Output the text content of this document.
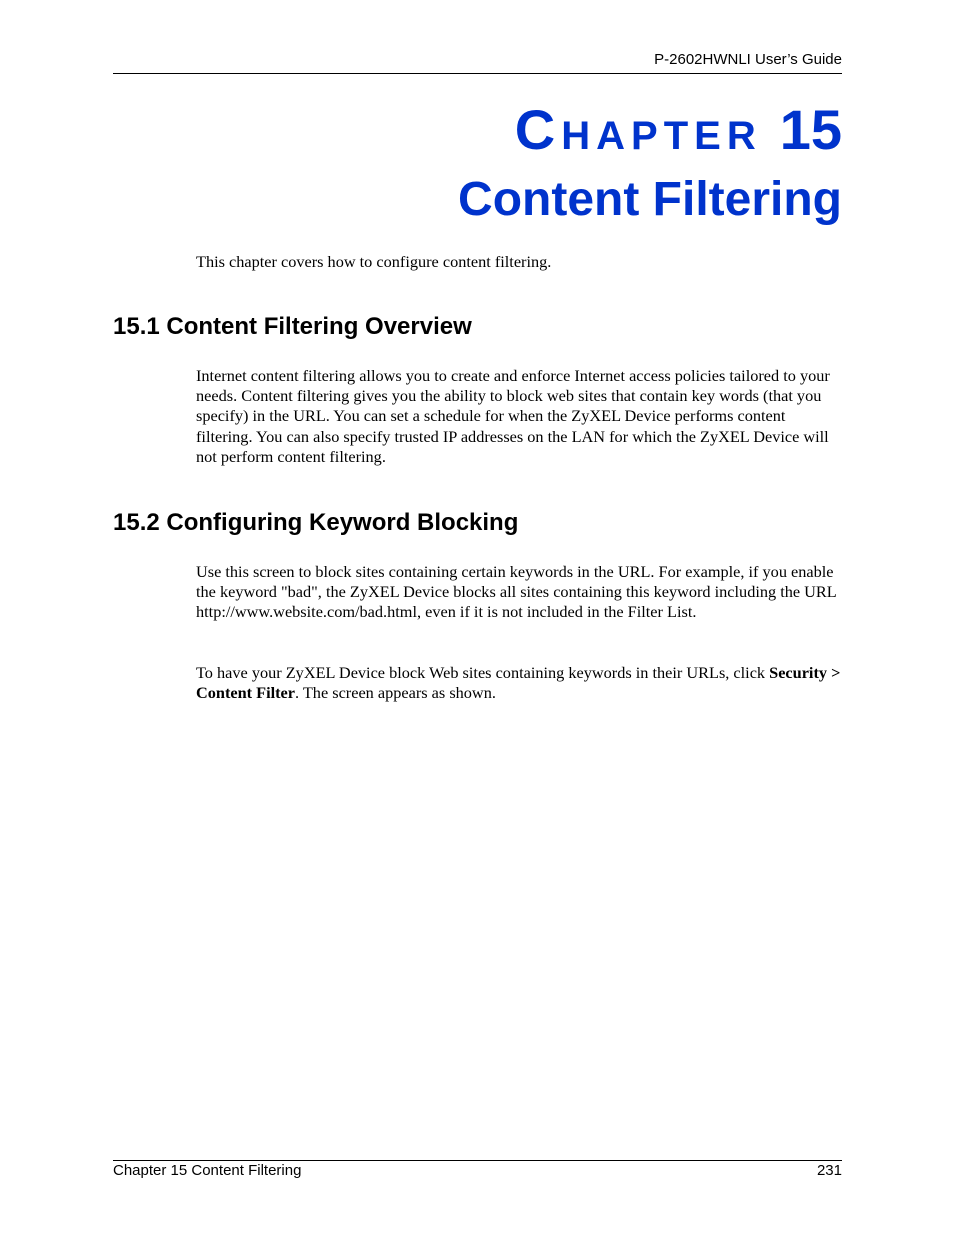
P-2602HWNLI User’s Guide
CHAPTER 15
Content Filtering
This chapter covers how to configure content filtering.
15.1 Content Filtering Overview
Internet content filtering allows you to create and enforce Internet access policies tailored to your needs. Content filtering gives you the ability to block web sites that contain key words (that you specify) in the URL. You can set a schedule for when the ZyXEL Device performs content filtering. You can also specify trusted IP addresses on the LAN for which the ZyXEL Device will not perform content filtering.
15.2 Configuring Keyword Blocking
Use this screen to block sites containing certain keywords in the URL. For example, if you enable the keyword "bad", the ZyXEL Device blocks all sites containing this keyword including the URL http://www.website.com/bad.html, even if it is not included in the Filter List.
To have your ZyXEL Device block Web sites containing keywords in their URLs, click Security > Content Filter. The screen appears as shown.
Chapter 15 Content Filtering	231
